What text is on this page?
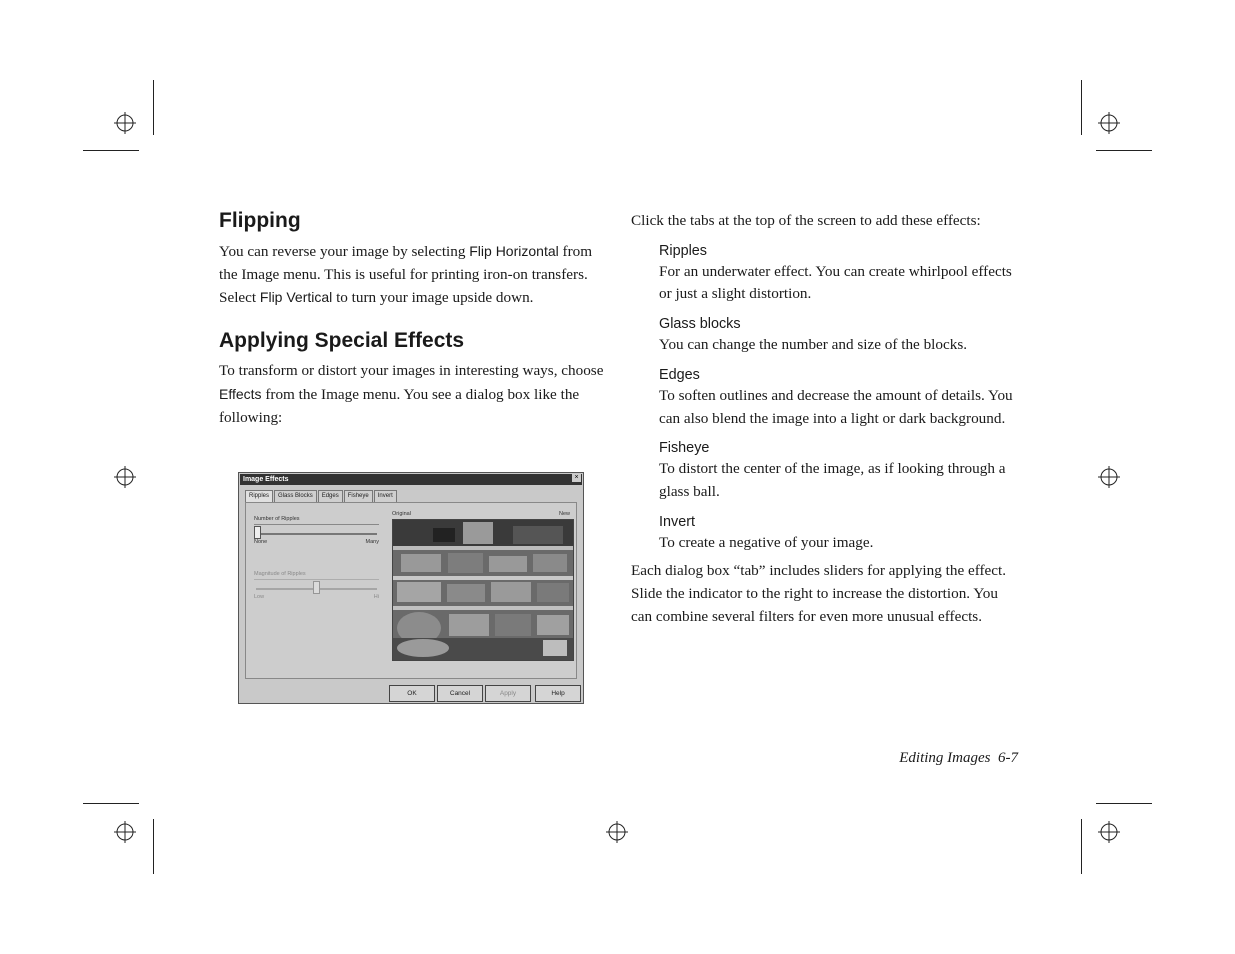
Flipping

You can reverse your image by selecting Flip Horizontal from the Image menu. This is useful for printing iron-on transfers. Select Flip Vertical to turn your image upside down.

Applying Special Effects

To transform or distort your images in interesting ways, choose Effects from the Image menu. You see a dialog box like the following:

Image Effects	×
Ripples	Glass Blocks	Edges	Fisheye	Invert
Number of Ripples
None	Many
Magnitude of Ripples
Low	Hi
Original	New
OK	Cancel	Apply	Help

Click the tabs at the top of the screen to add these effects:

Ripples

For an underwater effect. You can create whirlpool effects or just a slight distortion.

Glass blocks

You can change the number and size of the blocks.

Edges

To soften outlines and decrease the amount of details. You can also blend the image into a light or dark background.

Fisheye

To distort the center of the image, as if looking through a glass ball.

Invert

To create a negative of your image.

Each dialog box “tab” includes sliders for applying the effect. Slide the indicator to the right to increase the distortion. You can combine several filters for even more unusual effects.

Editing Images 6-7
